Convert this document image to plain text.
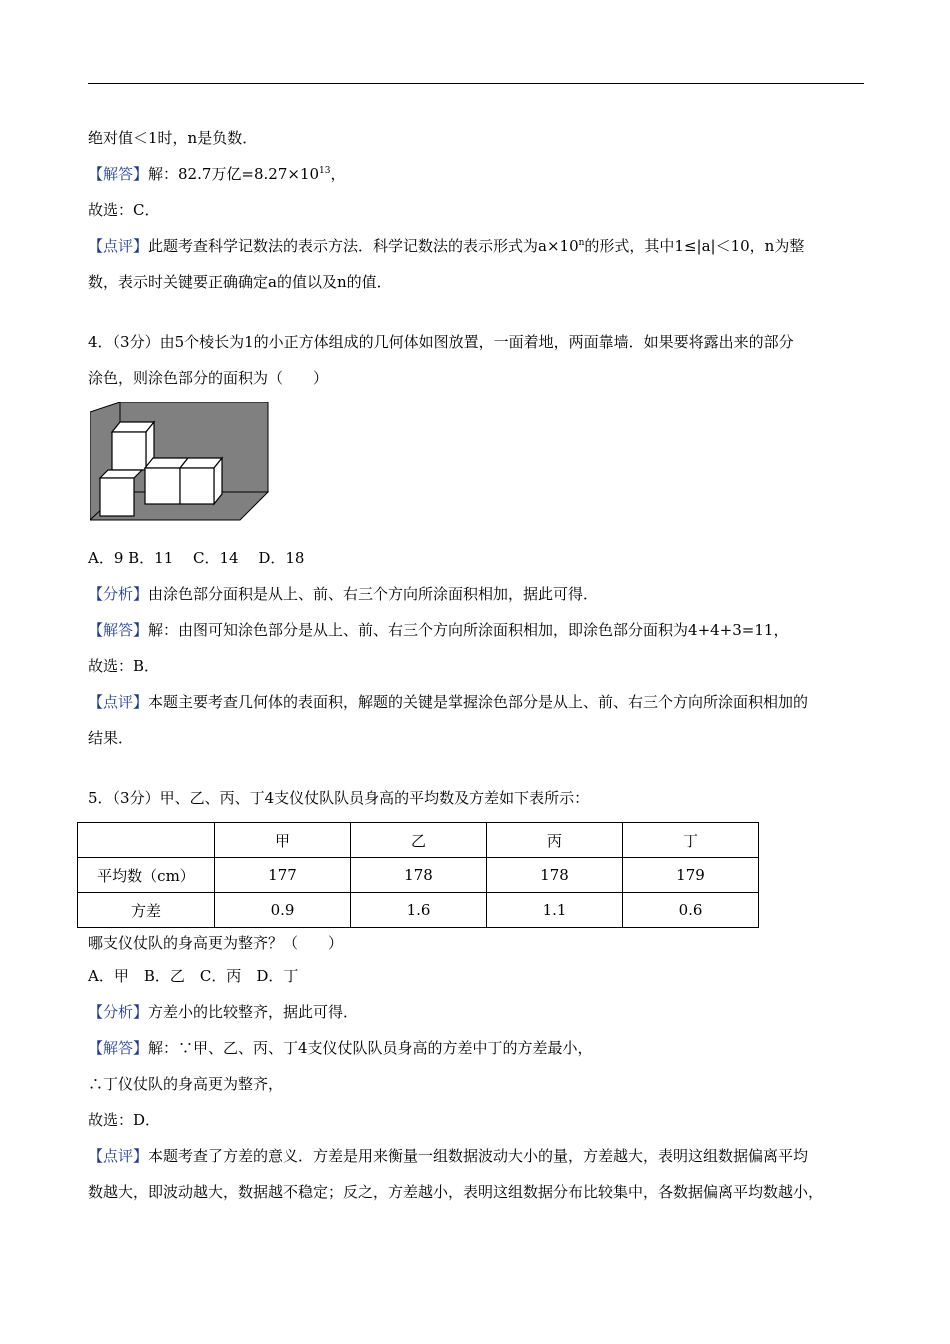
绝对值＜1时，n是负数．
【解答】解：82.7万亿$=8.27\times 10^{13}$，
故选：C．
【点评】此题考查科学记数法的表示方法．科学记数法的表示形式为$a\times 10^n$的形式，其中1≤|a|＜10，n为整
数，表示时关键要正确确定a的值以及n的值．
4．（3分）由5个棱长为1的小正方体组成的几何体如图放置，一面着地，两面靠墙．如果要将露出来的部分
涂色，则涂色部分的面积为（　　）
A．9 B．11　 C．14　 D．18
【分析】由涂色部分面积是从上、前、右三个方向所涂面积相加，据此可得．
【解答】解：由图可知涂色部分是从上、前、右三个方向所涂面积相加，即涂色部分面积为4+4+3=11，
故选：B．
【点评】本题主要考查几何体的表面积，解题的关键是掌握涂色部分是从上、前、右三个方向所涂面积相加的
结果．
5．（3分）甲、乙、丙、丁4支仪仗队队员身高的平均数及方差如下表所示：
	甲	乙	丙	丁
平均数（cm）	177	178	178	179
方差	0.9	1.6	1.1	0.6
哪支仪仗队的身高更为整齐？（　　）
A．甲　B．乙　C．丙　D．丁
【分析】方差小的比较整齐，据此可得．
【解答】解：∵甲、乙、丙、丁4支仪仗队队员身高的方差中丁的方差最小，
∴丁仪仗队的身高更为整齐，
故选：D．
【点评】本题考查了方差的意义．方差是用来衡量一组数据波动大小的量，方差越大，表明这组数据偏离平均
数越大，即波动越大，数据越不稳定；反之，方差越小，表明这组数据分布比较集中，各数据偏离平均数越小，
